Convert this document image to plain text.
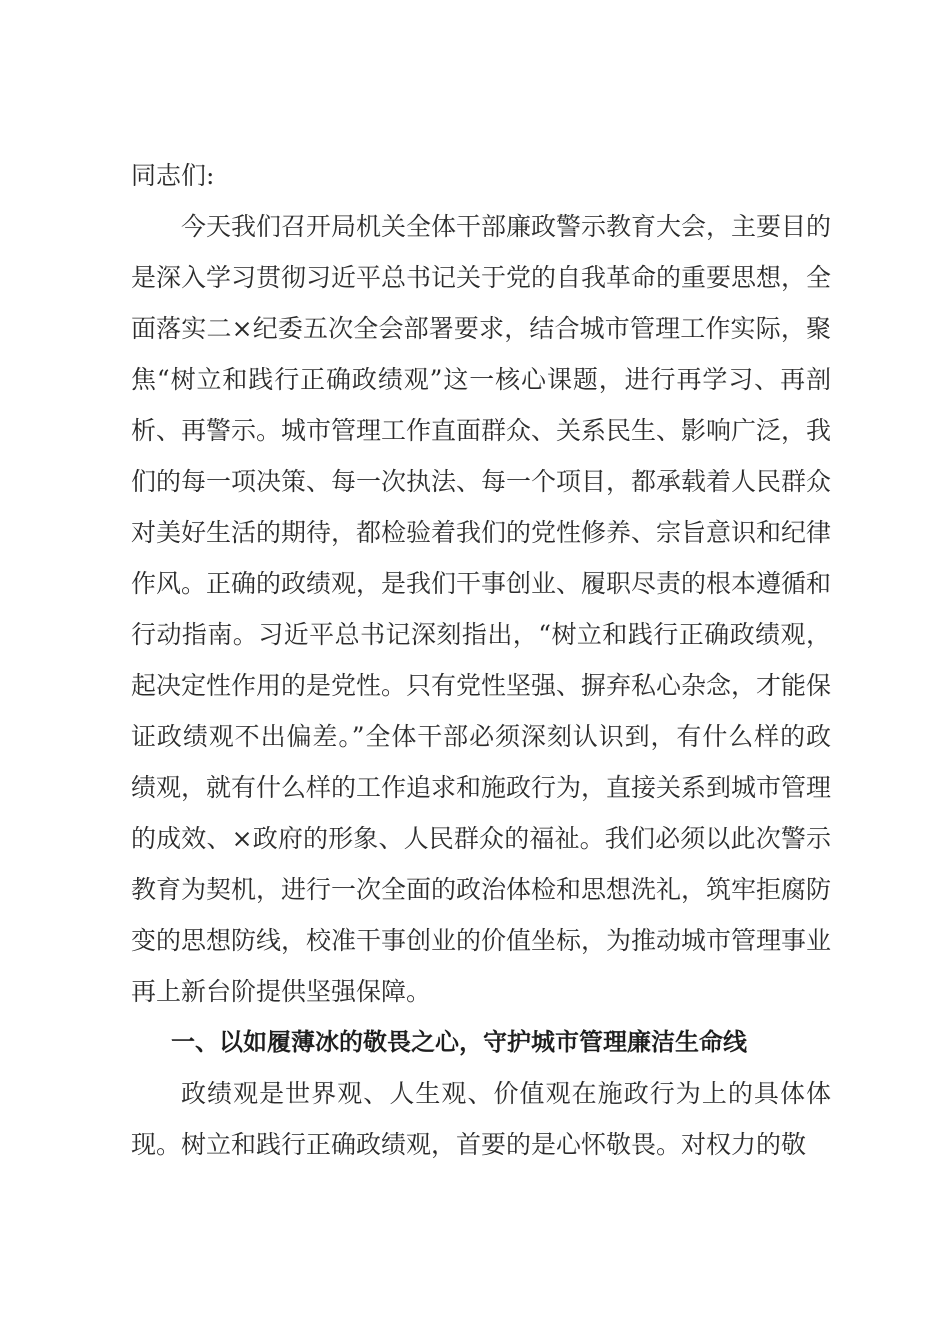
同志们:

今天我们召开局机关全体干部廉政警示教育大会，主要目的是深入学习贯彻习近平总书记关于党的自我革命的重要思想，全面落实二×纪委五次全会部署要求，结合城市管理工作实际，聚焦“树立和践行正确政绩观”这一核心课题，进行再学习、再剖析、再警示。城市管理工作直面群众、关系民生、影响广泛，我们的每一项决策、每一次执法、每一个项目，都承载着人民群众对美好生活的期待，都检验着我们的党性修养、宗旨意识和纪律作风。正确的政绩观，是我们干事创业、履职尽责的根本遵循和行动指南。习近平总书记深刻指出，“树立和践行正确政绩观，起决定性作用的是党性。只有党性坚强、摒弃私心杂念，才能保证政绩观不出偏差。”全体干部必须深刻认识到，有什么样的政绩观，就有什么样的工作追求和施政行为，直接关系到城市管理的成效、×政府的形象、人民群众的福祉。我们必须以此次警示教育为契机，进行一次全面的政治体检和思想洗礼，筑牢拒腐防变的思想防线，校准干事创业的价值坐标，为推动城市管理事业再上新台阶提供坚强保障。

一、以如履薄冰的敬畏之心，守护城市管理廉洁生命线

政绩观是世界观、人生观、价值观在施政行为上的具体体现。树立和践行正确政绩观，首要的是心怀敬畏。对权力的敬
